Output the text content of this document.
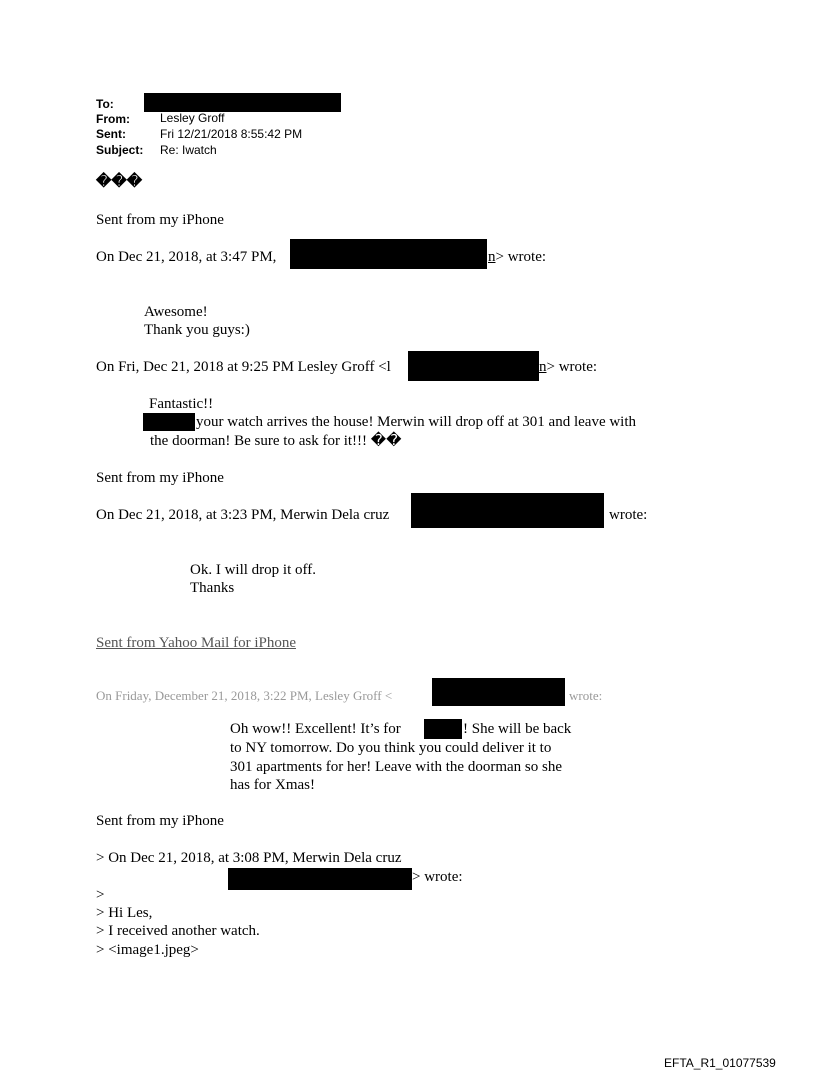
To:
From:	Lesley Groff
Sent:	Fri 12/21/2018 8:55:42 PM
Subject: Re: Iwatch
���
Sent from my iPhone
On Dec 21, 2018, at 3:47 PM,	n> wrote:
Awesome!
Thank you guys:)
On Fri, Dec 21, 2018 at 9:25 PM Lesley Groff <l	n> wrote:
Fantastic!!
your watch arrives the house! Merwin will drop off at 301 and leave with
the doorman! Be sure to ask for it!!! ��
Sent from my iPhone
On Dec 21, 2018, at 3:23 PM, Merwin Dela cruz	wrote:
Ok. I will drop it off.
Thanks
Sent from Yahoo Mail for iPhone
On Friday, December 21, 2018, 3:22 PM, Lesley Groff <	wrote:
Oh wow!! Excellent! It’s for	! She will be back
to NY tomorrow. Do you think you could deliver it to
301 apartments for her! Leave with the doorman so she
has for Xmas!
Sent from my iPhone
> On Dec 21, 2018, at 3:08 PM, Merwin Dela cruz
> wrote:
>
> Hi Les,
> I received another watch.
> <image1.jpeg>
EFTA_R1_01077539
